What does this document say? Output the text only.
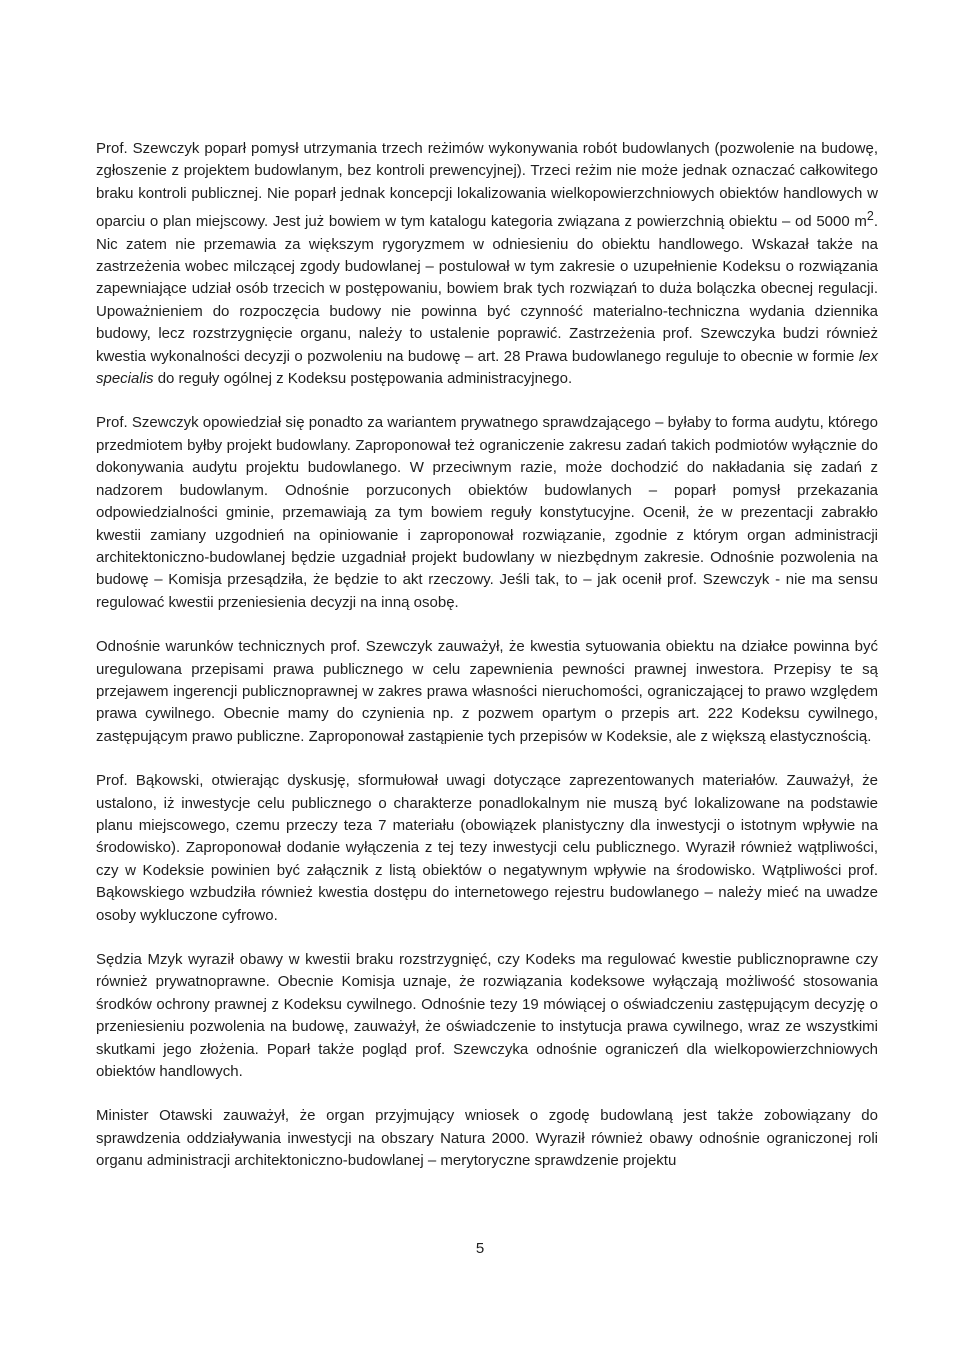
Prof. Szewczyk poparł pomysł utrzymania trzech reżimów wykonywania robót budowlanych (pozwolenie na budowę, zgłoszenie z projektem budowlanym, bez kontroli prewencyjnej). Trzeci reżim nie może jednak oznaczać całkowitego braku kontroli publicznej. Nie poparł jednak koncepcji lokalizowania wielkopowierzchniowych obiektów handlowych w oparciu o plan miejscowy. Jest już bowiem w tym katalogu kategoria związana z powierzchnią obiektu – od 5000 $m^2$. Nic zatem nie przemawia za większym rygoryzmem w odniesieniu do obiektu handlowego. Wskazał także na zastrzeżenia wobec milczącej zgody budowlanej – postulował w tym zakresie o uzupełnienie Kodeksu o rozwiązania zapewniające udział osób trzecich w postępowaniu, bowiem brak tych rozwiązań to duża bolączka obecnej regulacji. Upoważnieniem do rozpoczęcia budowy nie powinna być czynność materialno-techniczna wydania dziennika budowy, lecz rozstrzygnięcie organu, należy to ustalenie poprawić. Zastrzeżenia prof. Szewczyka budzi również kwestia wykonalności decyzji o pozwoleniu na budowę – art. 28 Prawa budowlanego reguluje to obecnie w formie lex specialis do reguły ogólnej z Kodeksu postępowania administracyjnego.

Prof. Szewczyk opowiedział się ponadto za wariantem prywatnego sprawdzającego – byłaby to forma audytu, którego przedmiotem byłby projekt budowlany. Zaproponował też ograniczenie zakresu zadań takich podmiotów wyłącznie do dokonywania audytu projektu budowlanego. W przeciwnym razie, może dochodzić do nakładania się zadań z nadzorem budowlanym. Odnośnie porzuconych obiektów budowlanych – poparł pomysł przekazania odpowiedzialności gminie, przemawiają za tym bowiem reguły konstytucyjne. Ocenił, że w prezentacji zabrakło kwestii zamiany uzgodnień na opiniowanie i zaproponował rozwiązanie, zgodnie z którym organ administracji architektoniczno-budowlanej będzie uzgadniał projekt budowlany w niezbędnym zakresie. Odnośnie pozwolenia na budowę – Komisja przesądziła, że będzie to akt rzeczowy. Jeśli tak, to – jak ocenił prof. Szewczyk - nie ma sensu regulować kwestii przeniesienia decyzji na inną osobę.

Odnośnie warunków technicznych prof. Szewczyk zauważył, że kwestia sytuowania obiektu na działce powinna być uregulowana przepisami prawa publicznego w celu zapewnienia pewności prawnej inwestora. Przepisy te są przejawem ingerencji publicznoprawnej w zakres prawa własności nieruchomości, ograniczającej to prawo względem prawa cywilnego. Obecnie mamy do czynienia np. z pozwem opartym o przepis art. 222 Kodeksu cywilnego, zastępującym prawo publiczne. Zaproponował zastąpienie tych przepisów w Kodeksie, ale z większą elastycznością.

Prof. Bąkowski, otwierając dyskusję, sformułował uwagi dotyczące zaprezentowanych materiałów. Zauważył, że ustalono, iż inwestycje celu publicznego o charakterze ponadlokalnym nie muszą być lokalizowane na podstawie planu miejscowego, czemu przeczy teza 7 materiału (obowiązek planistyczny dla inwestycji o istotnym wpływie na środowisko). Zaproponował dodanie wyłączenia z tej tezy inwestycji celu publicznego. Wyraził również wątpliwości, czy w Kodeksie powinien być załącznik z listą obiektów o negatywnym wpływie na środowisko. Wątpliwości prof. Bąkowskiego wzbudziła również kwestia dostępu do internetowego rejestru budowlanego – należy mieć na uwadze osoby wykluczone cyfrowo.

Sędzia Mzyk wyraził obawy w kwestii braku rozstrzygnięć, czy Kodeks ma regulować kwestie publicznoprawne czy również prywatnoprawne. Obecnie Komisja uznaje, że rozwiązania kodeksowe wyłączają możliwość stosowania środków ochrony prawnej z Kodeksu cywilnego. Odnośnie tezy 19 mówiącej o oświadczeniu zastępującym decyzję o przeniesieniu pozwolenia na budowę, zauważył, że oświadczenie to instytucja prawa cywilnego, wraz ze wszystkimi skutkami jego złożenia. Poparł także pogląd prof. Szewczyka odnośnie ograniczeń dla wielkopowierzchniowych obiektów handlowych.

Minister Otawski zauważył, że organ przyjmujący wniosek o zgodę budowlaną jest także zobowiązany do sprawdzenia oddziaływania inwestycji na obszary Natura 2000. Wyraził również obawy odnośnie ograniczonej roli organu administracji architektoniczno-budowlanej – merytoryczne sprawdzenie projektu

5
